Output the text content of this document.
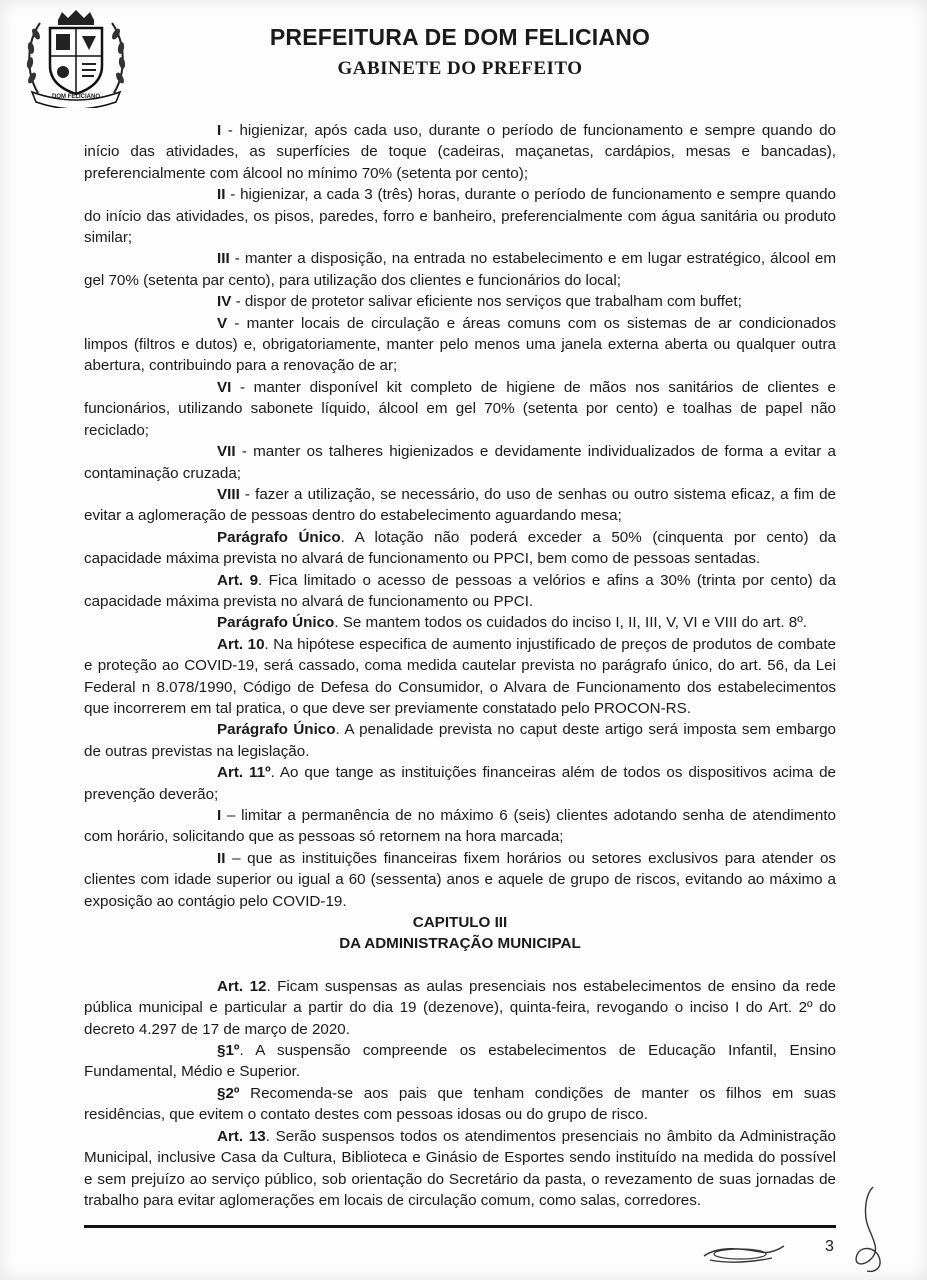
DOM FELICIANO
PREFEITURA DE DOM FELICIANO
GABINETE DO PREFEITO

I - higienizar, após cada uso, durante o período de funcionamento e sempre quando do início das atividades, as superfícies de toque (cadeiras, maçanetas, cardápios, mesas e bancadas), preferencialmente com álcool no mínimo 70% (setenta por cento);

II - higienizar, a cada 3 (três) horas, durante o período de funcionamento e sempre quando do início das atividades, os pisos, paredes, forro e banheiro, preferencialmente com água sanitária ou produto similar;

III - manter a disposição, na entrada no estabelecimento e em lugar estratégico, álcool em gel 70% (setenta par cento), para utilização dos clientes e funcionários do local;

IV - dispor de protetor salivar eficiente nos serviços que trabalham com buffet;

V - manter locais de circulação e áreas comuns com os sistemas de ar condicionados limpos (filtros e dutos) e, obrigatoriamente, manter pelo menos uma janela externa aberta ou qualquer outra abertura, contribuindo para a renovação de ar;

VI - manter disponível kit completo de higiene de mãos nos sanitários de clientes e funcionários, utilizando sabonete líquido, álcool em gel 70% (setenta por cento) e toalhas de papel não reciclado;

VII - manter os talheres higienizados e devidamente individualizados de forma a evitar a contaminação cruzada;

VIII - fazer a utilização, se necessário, do uso de senhas ou outro sistema eficaz, a fim de evitar a aglomeração de pessoas dentro do estabelecimento aguardando mesa;

Parágrafo Único. A lotação não poderá exceder a 50% (cinquenta por cento) da capacidade máxima prevista no alvará de funcionamento ou PPCI, bem como de pessoas sentadas.

Art. 9. Fica limitado o acesso de pessoas a velórios e afins a 30% (trinta por cento) da capacidade máxima prevista no alvará de funcionamento ou PPCI.

Parágrafo Único. Se mantem todos os cuidados do inciso I, II, III, V, VI e VIII do art. 8º.

Art. 10. Na hipótese especifica de aumento injustificado de preços de produtos de combate e proteção ao COVID-19, será cassado, coma medida cautelar prevista no parágrafo único, do art. 56, da Lei Federal n 8.078/1990, Código de Defesa do Consumidor, o Alvara de Funcionamento dos estabelecimentos que incorrerem em tal pratica, o que deve ser previamente constatado pelo PROCON-RS.

Parágrafo Único. A penalidade prevista no caput deste artigo será imposta sem embargo de outras previstas na legislação.

Art. 11º. Ao que tange as instituições financeiras além de todos os dispositivos acima de prevenção deverão;

I – limitar a permanência de no máximo 6 (seis) clientes adotando senha de atendimento com horário, solicitando que as pessoas só retornem na hora marcada;

II – que as instituições financeiras fixem horários ou setores exclusivos para atender os clientes com idade superior ou igual a 60 (sessenta) anos e aquele de grupo de riscos, evitando ao máximo a exposição ao contágio pelo COVID-19.

CAPITULO III

DA ADMINISTRAÇÃO MUNICIPAL

Art. 12. Ficam suspensas as aulas presenciais nos estabelecimentos de ensino da rede pública municipal e particular a partir do dia 19 (dezenove), quinta-feira, revogando o inciso I do Art. 2º do decreto 4.297 de 17 de março de 2020.

§1º. A suspensão compreende os estabelecimentos de Educação Infantil, Ensino Fundamental, Médio e Superior.

§2º Recomenda-se aos pais que tenham condições de manter os filhos em suas residências, que evitem o contato destes com pessoas idosas ou do grupo de risco.

Art. 13. Serão suspensos todos os atendimentos presenciais no âmbito da Administração Municipal, inclusive Casa da Cultura, Biblioteca e Ginásio de Esportes sendo instituído na medida do possível e sem prejuízo ao serviço público, sob orientação do Secretário da pasta, o revezamento de suas jornadas de trabalho para evitar aglomerações em locais de circulação comum, como salas, corredores.

3
